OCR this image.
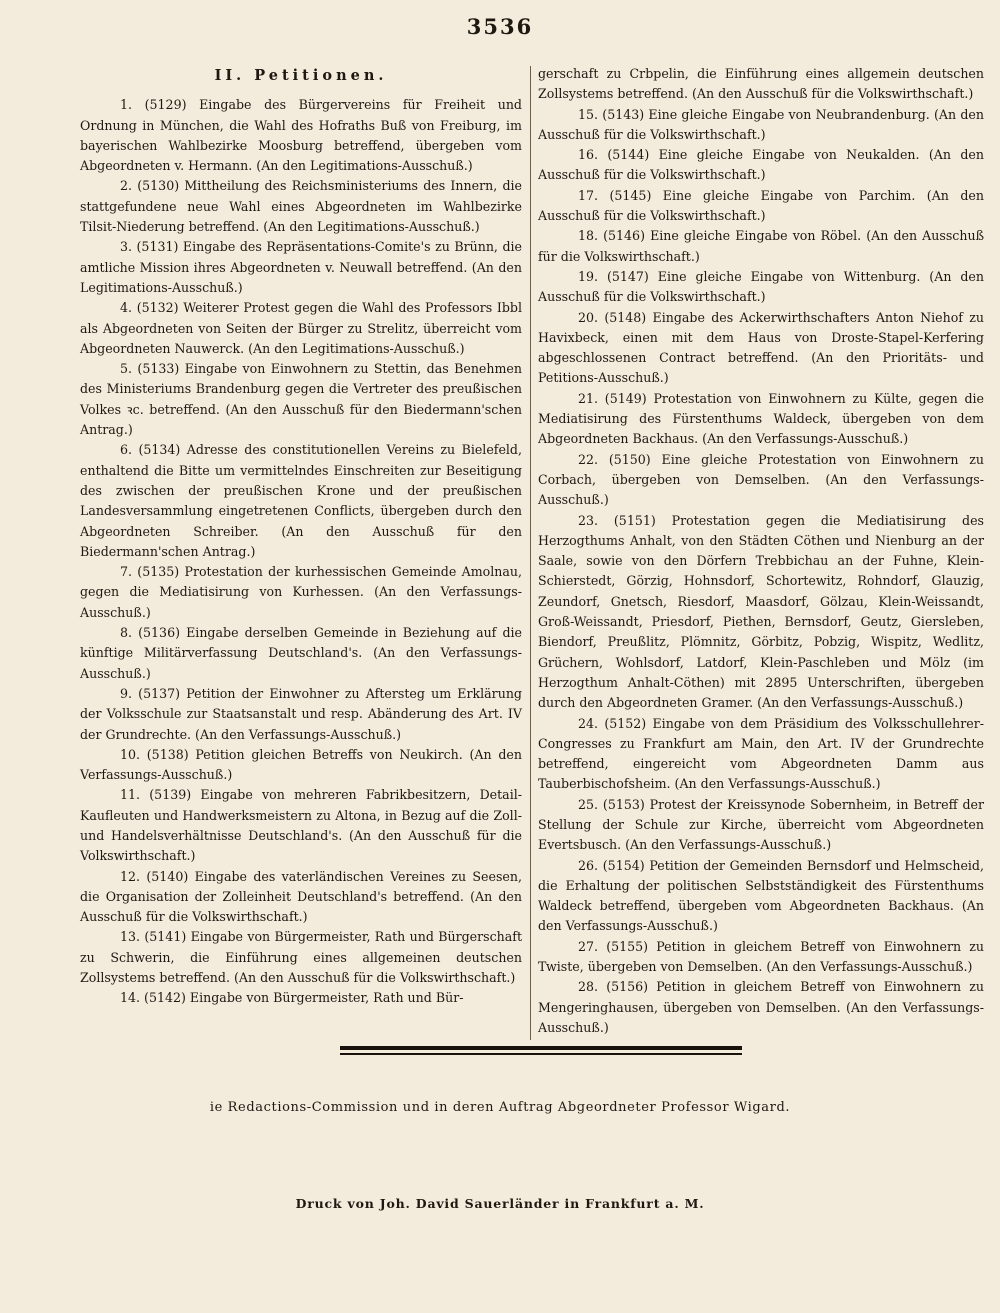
3536
II. Petitionen.

1. (5129) Eingabe des Bürgervereins für Freiheit und Ordnung in München, die Wahl des Hofraths Buß von Freiburg, im bayerischen Wahlbezirke Moosburg betreffend, übergeben vom Abgeordneten v. Hermann. (An den Legitimations-Ausschuß.)

2. (5130) Mittheilung des Reichsministeriums des Innern, die stattgefundene neue Wahl eines Abgeordneten im Wahlbezirke Tilsit-Niederung betreffend. (An den Legitimations-Ausschuß.)

3. (5131) Eingabe des Repräsentations-Comite's zu Brünn, die amtliche Mission ihres Abgeordneten v. Neuwall betreffend. (An den Legitimations-Ausschuß.)

4. (5132) Weiterer Protest gegen die Wahl des Professors Ibbl als Abgeordneten von Seiten der Bürger zu Strelitz, überreicht vom Abgeordneten Nauwerck. (An den Legitimations-Ausschuß.)

5. (5133) Eingabe von Einwohnern zu Stettin, das Benehmen des Ministeriums Brandenburg gegen die Vertreter des preußischen Volkes ꝛc. betreffend. (An den Ausschuß für den Biedermann'schen Antrag.)

6. (5134) Adresse des constitutionellen Vereins zu Bielefeld, enthaltend die Bitte um vermittelndes Einschreiten zur Beseitigung des zwischen der preußischen Krone und der preußischen Landesversammlung eingetretenen Conflicts, übergeben durch den Abgeordneten Schreiber. (An den Ausschuß für den Biedermann'schen Antrag.)

7. (5135) Protestation der kurhessischen Gemeinde Amolnau, gegen die Mediatisirung von Kurhessen. (An den Verfassungs-Ausschuß.)

8. (5136) Eingabe derselben Gemeinde in Beziehung auf die künftige Militärverfassung Deutschland's. (An den Verfassungs-Ausschuß.)

9. (5137) Petition der Einwohner zu Aftersteg um Erklärung der Volksschule zur Staatsanstalt und resp. Abänderung des Art. IV der Grundrechte. (An den Verfassungs-Ausschuß.)

10. (5138) Petition gleichen Betreffs von Neukirch. (An den Verfassungs-Ausschuß.)

11. (5139) Eingabe von mehreren Fabrikbesitzern, Detail-Kaufleuten und Handwerksmeistern zu Altona, in Bezug auf die Zoll- und Handelsverhältnisse Deutschland's. (An den Ausschuß für die Volkswirthschaft.)

12. (5140) Eingabe des vaterländischen Vereines zu Seesen, die Organisation der Zolleinheit Deutschland's betreffend. (An den Ausschuß für die Volkswirthschaft.)

13. (5141) Eingabe von Bürgermeister, Rath und Bürgerschaft zu Schwerin, die Einführung eines allgemeinen deutschen Zollsystems betreffend. (An den Ausschuß für die Volkswirthschaft.)

14. (5142) Eingabe von Bürgermeister, Rath und Bür-

gerschaft zu Crbpelin, die Einführung eines allgemein deutschen Zollsystems betreffend. (An den Ausschuß für die Volkswirthschaft.)

15. (5143) Eine gleiche Eingabe von Neubrandenburg. (An den Ausschuß für die Volkswirthschaft.)

16. (5144) Eine gleiche Eingabe von Neukalden. (An den Ausschuß für die Volkswirthschaft.)

17. (5145) Eine gleiche Eingabe von Parchim. (An den Ausschuß für die Volkswirthschaft.)

18. (5146) Eine gleiche Eingabe von Röbel. (An den Ausschuß für die Volkswirthschaft.)

19. (5147) Eine gleiche Eingabe von Wittenburg. (An den Ausschuß für die Volkswirthschaft.)

20. (5148) Eingabe des Ackerwirthschafters Anton Niehof zu Havixbeck, einen mit dem Haus von Droste-Stapel-Kerfering abgeschlossenen Contract betreffend. (An den Prioritäts- und Petitions-Ausschuß.)

21. (5149) Protestation von Einwohnern zu Külte, gegen die Mediatisirung des Fürstenthums Waldeck, übergeben von dem Abgeordneten Backhaus. (An den Verfassungs-Ausschuß.)

22. (5150) Eine gleiche Protestation von Einwohnern zu Corbach, übergeben von Demselben. (An den Verfassungs-Ausschuß.)

23. (5151) Protestation gegen die Mediatisirung des Herzogthums Anhalt, von den Städten Cöthen und Nienburg an der Saale, sowie von den Dörfern Trebbichau an der Fuhne, Klein-Schierstedt, Görzig, Hohnsdorf, Schortewitz, Rohndorf, Glauzig, Zeundorf, Gnetsch, Riesdorf, Maasdorf, Gölzau, Klein-Weissandt, Groß-Weissandt, Priesdorf, Piethen, Bernsdorf, Geutz, Giersleben, Biendorf, Preußlitz, Plömnitz, Görbitz, Pobzig, Wispitz, Wedlitz, Grüchern, Wohlsdorf, Latdorf, Klein-Paschleben und Mölz (im Herzogthum Anhalt-Cöthen) mit 2895 Unterschriften, übergeben durch den Abgeordneten Gramer. (An den Verfassungs-Ausschuß.)

24. (5152) Eingabe von dem Präsidium des Volksschullehrer-Congresses zu Frankfurt am Main, den Art. IV der Grundrechte betreffend, eingereicht vom Abgeordneten Damm aus Tauberbischofsheim. (An den Verfassungs-Ausschuß.)

25. (5153) Protest der Kreissynode Sobernheim, in Betreff der Stellung der Schule zur Kirche, überreicht vom Abgeordneten Evertsbusch. (An den Verfassungs-Ausschuß.)

26. (5154) Petition der Gemeinden Bernsdorf und Helmscheid, die Erhaltung der politischen Selbstständigkeit des Fürstenthums Waldeck betreffend, übergeben vom Abgeordneten Backhaus. (An den Verfassungs-Ausschuß.)

27. (5155) Petition in gleichem Betreff von Einwohnern zu Twiste, übergeben von Demselben. (An den Verfassungs-Ausschuß.)

28. (5156) Petition in gleichem Betreff von Einwohnern zu Mengeringhausen, übergeben von Demselben. (An den Verfassungs-Ausschuß.)

ie Redactions-Commission und in deren Auftrag Abgeordneter Professor Wigard.
Druck von Joh. David Sauerländer in Frankfurt a. M.
